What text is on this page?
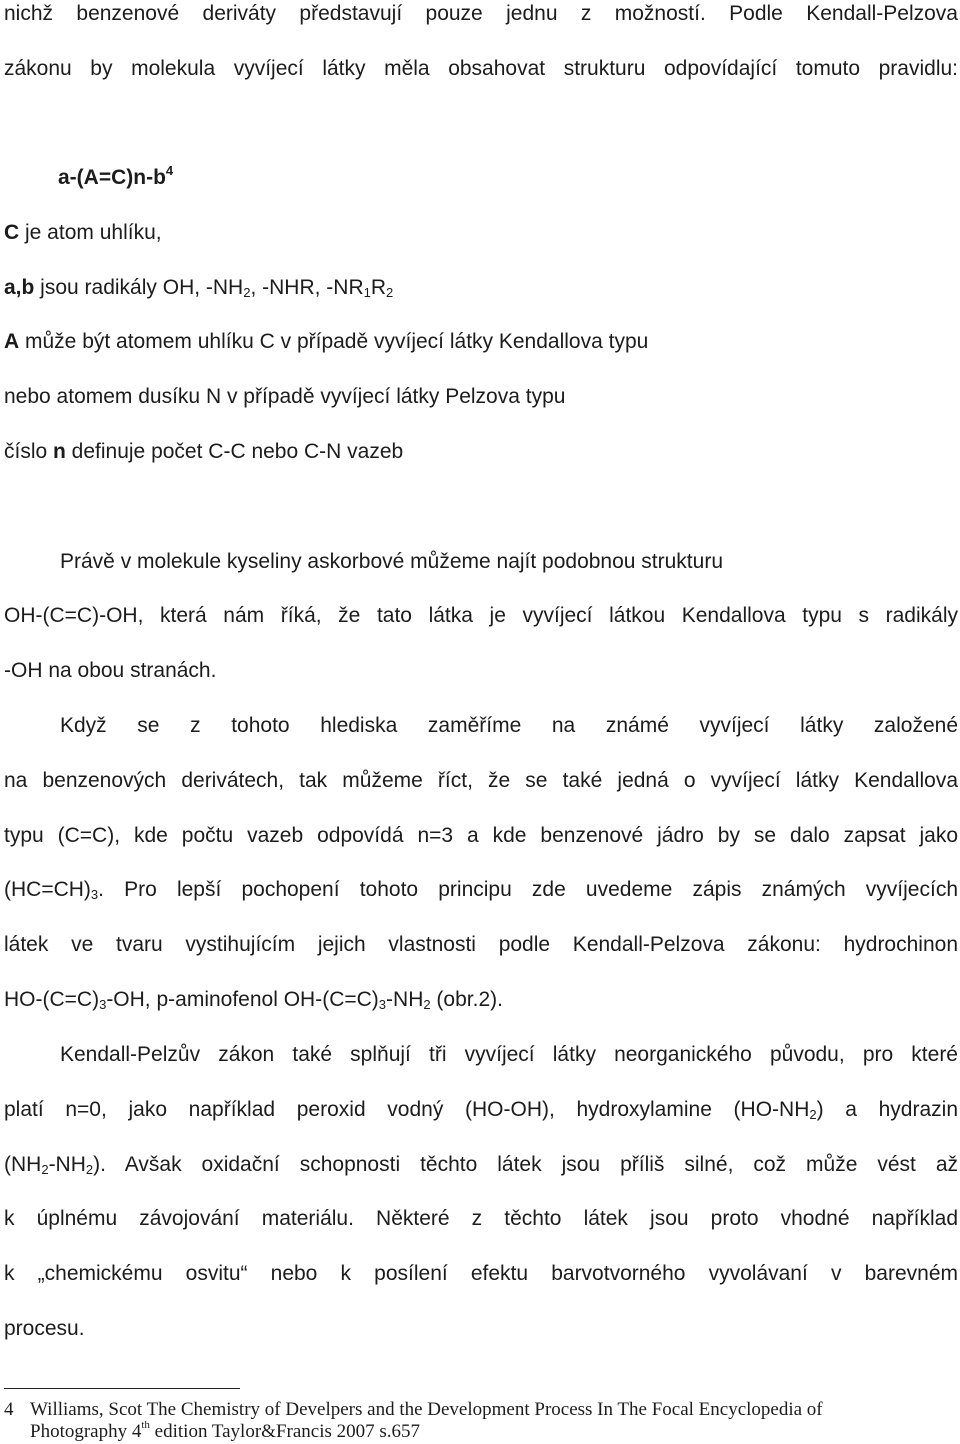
nichž benzenové deriváty představují pouze jednu z možností. Podle Kendall-Pelzova
zákonu by molekula vyvíjecí látky měla obsahovat strukturu odpovídající tomuto pravidlu:
$a-(A=C)n-b^4$
C je atom uhlíku,
a,b jsou radikály OH, $-NH_2$, -NHR, $-NR_1R_2$
A může být atomem uhlíku C v případě vyvíjecí látky Kendallova typu
nebo atomem dusíku N v případě vyvíjecí látky Pelzova typu
číslo n definuje počet C-C nebo C-N vazeb
Právě v molekule kyseliny askorbové můžeme najít podobnou strukturu
OH-(C=C)-OH, která nám říká, že tato látka je vyvíjecí látkou Kendallova typu s radikály
-OH na obou stranách.
Když se z tohoto hlediska zaměříme na známé vyvíjecí látky založené
na benzenových derivátech, tak můžeme říct, že se také jedná o vyvíjecí látky Kendallova
typu (C=C), kde počtu vazeb odpovídá n=3 a kde benzenové jádro by se dalo zapsat jako
$(HC=CH)_3$. Pro lepší pochopení tohoto principu zde uvedeme zápis známých vyvíjecích
látek ve tvaru vystihujícím jejich vlastnosti podle Kendall-Pelzova zákonu: hydrochinon
$HO-(C=C)_3-OH$, p-aminofenol $OH-(C=C)_3-NH_2$ (obr.2).
Kendall-Pelzův zákon také splňují tři vyvíjecí látky neorganického původu, pro které
platí n=0, jako například peroxid vodný (HO-OH), hydroxylamine $(HO-NH_2)$ a hydrazin
$(NH_2-NH_2)$. Avšak oxidační schopnosti těchto látek jsou příliš silné, což může vést až
k úplnému závojování materiálu. Některé z těchto látek jsou proto vhodné například
k „chemickému osvitu“ nebo k posílení efektu barvotvorného vyvolávaní v barevném
procesu.
4 Williams, Scot The Chemistry of Develpers and the Development Process In The Focal Encyclopedia of
Photography 4th edition Taylor&Francis 2007 s.657
